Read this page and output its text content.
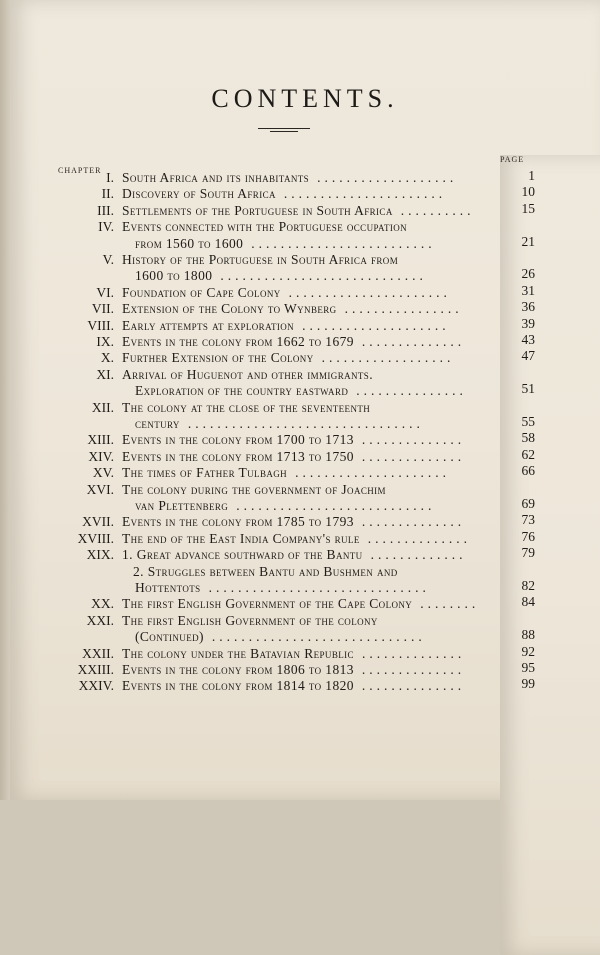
CONTENTS.
CHAPTER
PAGE
I. South Africa and its inhabitants ...................	1
II. Discovery of South Africa ......................	10
III. Settlements of the Portuguese in South Africa ..........	15
IV. Events connected with the Portuguese occupation
from 1560 to 1600 .........................	21
V. History of the Portuguese in South Africa from
1600 to 1800 ............................	26
VI. Foundation of Cape Colony ......................	31
VII. Extension of the Colony to Wynberg ................	36
VIII. Early attempts at exploration ....................	39
IX. Events in the colony from 1662 to 1679 ..............	43
X. Further Extension of the Colony ..................	47
XI. Arrival of Huguenot and other immigrants.
Exploration of the country eastward ...............	51
XII. The colony at the close of the seventeenth
century ................................	55
XIII. Events in the colony from 1700 to 1713 ..............	58
XIV. Events in the colony from 1713 to 1750 ..............	62
XV. The times of Father Tulbagh .....................	66
XVI. The colony during the government of Joachim
van Plettenberg ...........................	69
XVII. Events in the colony from 1785 to 1793 ..............	73
XVIII. The end of the East India Company's rule ..............	76
XIX. 1. Great advance southward of the Bantu .............	79
2. Struggles between Bantu and Bushmen and
Hottentots ..............................	82
XX. The first English Government of the Cape Colony ........	84
XXI. The first English Government of the colony
(Continued) .............................	88
XXII. The colony under the Batavian Republic ..............	92
XXIII. Events in the colony from 1806 to 1813 ..............	95
XXIV. Events in the colony from 1814 to 1820 ..............	99
